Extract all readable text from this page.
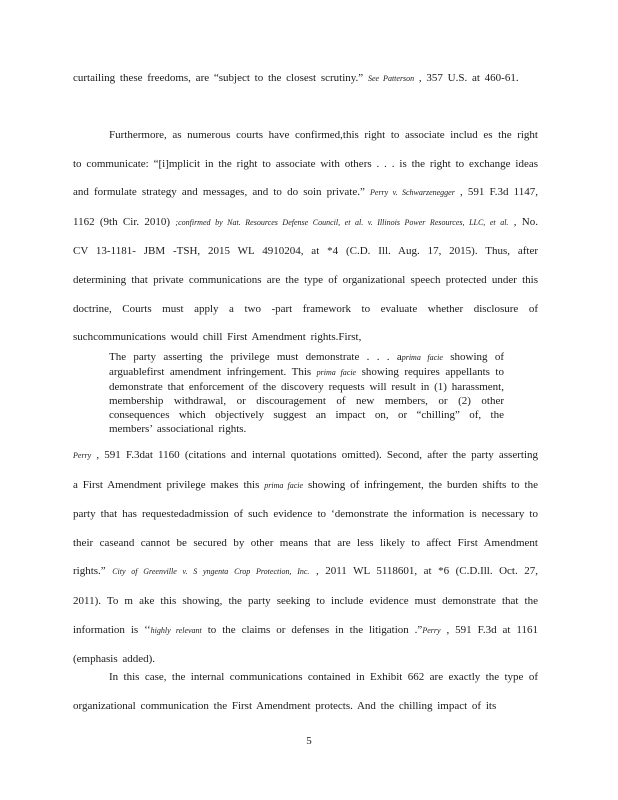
curtailing these freedoms, are “subject to the closest scrutiny.” See Patterson , 357 U.S. at 460-61.

Furthermore, as numerous courts have confirmed,this right to associate includ es the right to communicate: “[i]mplicit in the right to associate with others . . . is the right to exchange ideas and formulate strategy and messages, and to do soin private.” Perry v. Schwarzenegger , 591 F.3d 1147, 1162 (9th Cir. 2010) ;confirmed by Nat. Resources Defense Council, et al. v. Illinois Power Resources, LLC, et al. , No. CV 13-1181- JBM -TSH, 2015 WL 4910204, at *4 (C.D. Ill. Aug. 17, 2015). Thus, after determining that private communications are the type of organizational speech protected under this doctrine, Courts must apply a two -part framework to evaluate whether disclosure of suchcommunications would chill First Amendment rights.First,

The party asserting the privilege must demonstrate . . . aprima facie showing of arguablefirst amendment infringement. This prima facie showing requires appellants to demonstrate that enforcement of the discovery requests will result in (1) harassment, membership withdrawal, or discouragement of new members, or (2) other consequences which objectively suggest an impact on, or “chilling” of, the members’ associational rights.

Perry , 591 F.3dat 1160 (citations and internal quotations omitted). Second, after the party asserting a First Amendment privilege makes this prima facie showing of infringement, the burden shifts to the party that has requestedadmission of such evidence to ‘demonstrate the information is necessary to their caseand cannot be secured by other means that are less likely to affect First Amendment rights.” City of Greenville v. S yngenta Crop Protection, Inc. , 2011 WL 5118601, at *6 (C.D.Ill. Oct. 27, 2011). To m ake this showing, the party seeking to include evidence must demonstrate that the information is ‘‘highly relevant to the claims or defenses in the litigation .”Perry , 591 F.3d at 1161 (emphasis added).

In this case, the internal communications contained in Exhibit 662 are exactly the type of organizational communication the First Amendment protects. And the chilling impact of its

5
